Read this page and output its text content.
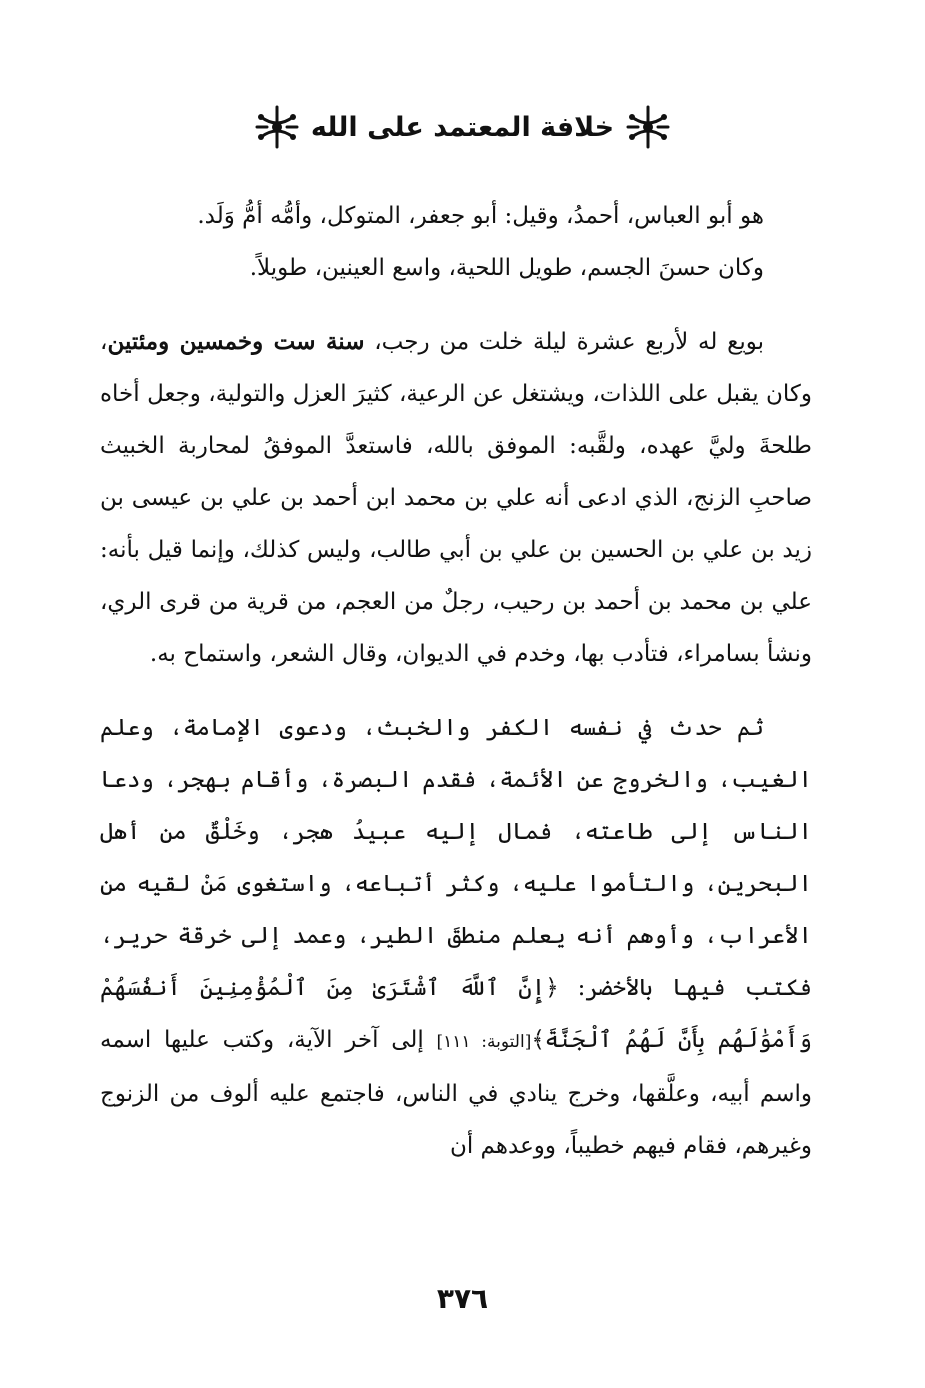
خلافة المعتمد على الله

هو أبو العباس، أحمدُ، وقيل: أبو جعفر، المتوكل، وأمُّه أمُّ وَلَد.

وكان حسنَ الجسم، طويل اللحية، واسع العينين، طويلاً.

بويع له لأربع عشرة ليلة خلت من رجب، سنة ست وخمسين ومئتين، وكان يقبل على اللذات، ويشتغل عن الرعية، كثيرَ العزل والتولية، وجعل أخاه طلحةَ وليَّ عهده، ولقَّبه: الموفق بالله، فاستعدَّ الموفقُ لمحاربة الخبيث صاحبِ الزنج، الذي ادعى أنه علي بن محمد ابن أحمد بن علي بن عيسى بن زيد بن علي بن الحسين بن علي بن أبي طالب، وليس كذلك، وإنما قيل بأنه: علي بن محمد بن أحمد بن رحيب، رجلٌ من العجم، من قرية من قرى الري، ونشأ بسامراء، فتأدب بها، وخدم في الديوان، وقال الشعر، واستماح به.

ثم حدث في نفسه الكفر والخبث، ودعوى الإمامة، وعلم الغيب، والخروج عن الأئمة، فقدم البصرة، وأقام بهجر، ودعا الناس إلى طاعته، فمال إليه عبيدُ هجر، وخَلْقٌ من أهل البحرين، والتأموا عليه، وكثر أتباعه، واستغوى مَنْ لقيه من الأعراب، وأوهم أنه يعلم منطقَ الطير، وعمد إلى خرقة حرير، فكتب فيها بالأخضر: ﴿إِنَّ ٱللَّهَ ٱشْتَرَىٰ مِنَ ٱلْمُؤْمِنِينَ أَنفُسَهُمْ وَأَمْوَٰلَهُم بِأَنَّ لَهُمُ ٱلْجَنَّةَ﴾[التوبة: ١١١] إلى آخر الآية، وكتب عليها اسمه واسم أبيه، وعلَّقها، وخرج ينادي في الناس، فاجتمع عليه ألوف من الزنوج وغيرهم، فقام فيهم خطيباً، ووعدهم أن

٣٧٦
